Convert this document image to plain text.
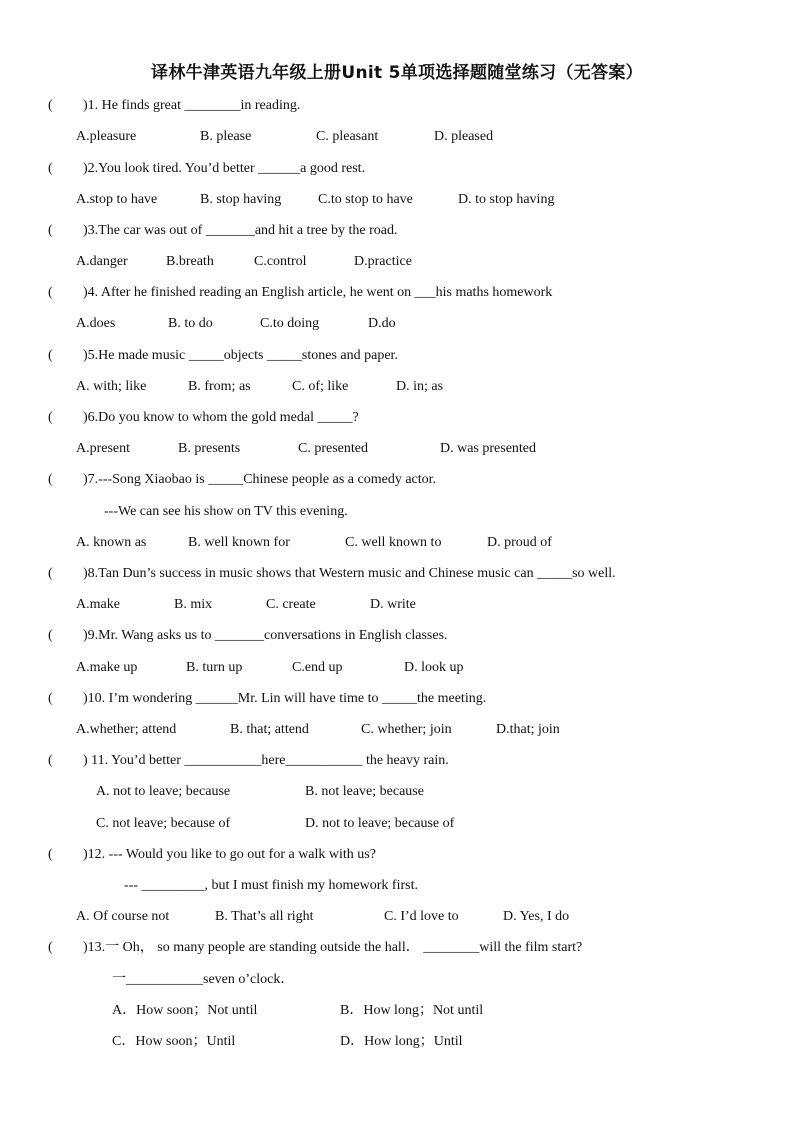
译林牛津英语九年级上册Unit 5单项选择题随堂练习（无答案）
( )1. He finds great ________in reading.
A.pleasure	B. please	C. pleasant	D. pleased
( )2.You look tired. You’d better ______a good rest.
A.stop to have	B. stop having	C.to stop to have	D. to stop having
( )3.The car was out of _______and hit a tree by the road.
A.danger	B.breath	C.control	D.practice
( )4. After he finished reading an English article, he went on ___his maths homework
A.does	B. to do	C.to doing	D.do
( )5.He made music _____objects _____stones and paper.
A. with; like	B. from; as	C. of; like	D. in; as
( )6.Do you know to whom the gold medal _____?
A.present	B. presents	C. presented	D. was presented
( )7.---Song Xiaobao is _____Chinese people as a comedy actor.
---We can see his show on TV this evening.
A. known as	B. well known for	C. well known to	D. proud of
( )8.Tan Dun’s success in music shows that Western music and Chinese music can _____so well.
A.make	B. mix	C. create	D. write
( )9.Mr. Wang asks us to _______conversations in English classes.
A.make up	B. turn up	C.end up	D. look up
( )10. I’m wondering ______Mr. Lin will have time to _____the meeting.
A.whether; attend	B. that; attend	C. whether; join	D.that; join
( ) 11. You’d better ___________here___________ the heavy rain.
A. not to leave; because	B. not leave; because
C. not leave; because of	D. not to leave; because of
( )12. --- Would you like to go out for a walk with us?
--- _________, but I must finish my homework first.
A. Of course not	B. That’s all right	C. I’d love to	D. Yes, I do
( )13.一 Oh， so many people are standing outside the hall． ________will the film start?
一___________seven o’clock．
A．How soon；Not until	B．How long；Not until
C．How soon；Until	D．How long；Until
